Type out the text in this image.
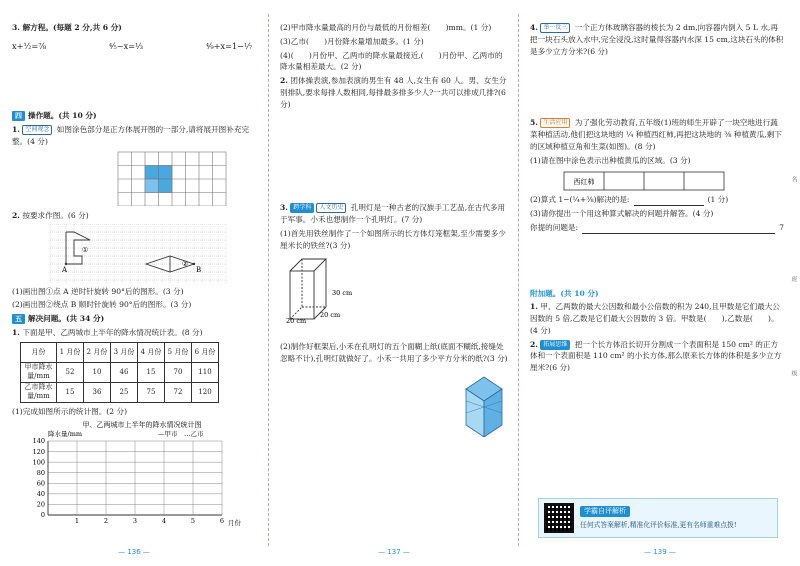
3. 解方程。(每题 2 分,共 6 分)
x+½=⁷⁄₈	⁴⁄₅−x=¹⁄₃	⁴⁄₉+x=1−¹⁄₇
四 操作题。(共 10 分)
1. 空间观念 如图涂色部分是正方体展开图的一部分,请将展开图补充完整。(4 分)
2. 按要求作图。(6 分)
①
A
②
B
(1)画出图①点 A 逆时针旋转 90°后的图形。(3 分)
(2)画出图②绕点 B 顺时针旋转 90°后的图形。(3 分)
五 解决问题。(共 34 分)
1. 下面是甲、乙两城市上半年的降水情况统计表。(8 分)
月份	1 月份	2 月份	3 月份	4 月份	5 月份	6 月份
甲市降水量/mm	52	10	46	15	70	110
乙市降水量/mm	15	36	25	75	72	120
(1)完成如图所示的统计图。(2 分)
甲、乙两城市上半年的降水情况统计图
降水量/mm	—甲市 …乙市
月份
0
20
40
60
80
100
120
140
1	2	3	4	5	6
— 136 —
(2)甲市降水量最高的月份与最低的月份相差(　　)mm。(1 分)
(3)乙市(　　)月份降水量增加最多。(1 分)
(4)(　　)月份甲、乙两市的降水量最接近,(　　)月份甲、乙两市的降水量相差最大。(2 分)
2. 团体操表演,参加表演的男生有 48 人,女生有 60 人。男、女生分别排队,要求每排人数相同,每排最多排多少人?一共可以排成几排?(6 分)
3. 跨学科 人文历史 孔明灯是一种古老的汉族手工艺品,在古代多用于军事。小禾也想制作一个孔明灯。(7 分)
(1)首先用铁丝制作了一个如图所示的长方体灯笼框架,至少需要多少厘米长的铁丝?(3 分)
30 cm
20 cm
20 cm
(2)制作好框架后,小禾在孔明灯的五个面糊上纸(底面不糊纸,接缝处忽略不计),孔明灯就做好了。小禾一共用了多少平方分米的纸?(3 分)
— 137 —
4. 举一反三 一个正方体玻璃容器的棱长为 2 dm,向容器内倒入 5 L 水,再把一块石头放入水中,完全浸没,这时量得容器内水深 15 cm,这块石头的体积是多少立方分米?(6 分)
5. 生活应用 为了强化劳动教育,五年级(1)班的师生开辟了一块空地进行蔬菜种植活动,他们把这块地的 ¼ 种植西红柿,再把这块地的 ⅜ 种植黄瓜,剩下的区域种植豆角和生菜(如图)。(8 分)
(1)请在图中涂色表示出种植黄瓜的区域。(3 分)
西红柿
(2)算式 1−(¼+⅜)解决的是:	(1 分)
(3)请你提出一个用这种算式解决的问题并解答。(4 分)
你提的问题是:	7
附加题。(共 10 分)
1. 甲、乙两数的最大公因数和最小公倍数的积为 240,且甲数是它们最大公因数的 5 倍,乙数是它们最大公因数的 3 倍。甲数是(　　),乙数是(　　)。(4 分)
2. 拓展思维 把一个长方体沿长切开分割成一个表面积是 150 cm² 的正方体和一个表面积是 110 cm² 的小长方体,那么原来长方体的体积是多少立方厘米?(6 分)
学霸自评解析
任何式答案解析,精准化评价标准,更有名师重难点拨!
名
班
级
— 139 —
